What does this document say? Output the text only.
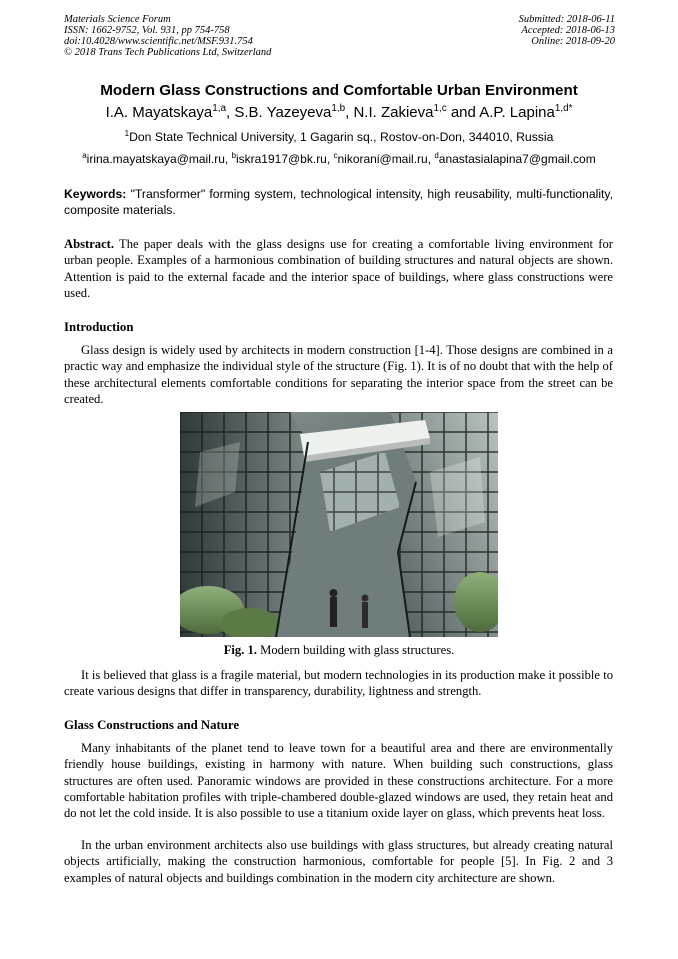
Materials Science Forum
ISSN: 1662-9752, Vol. 931, pp 754-758
doi:10.4028/www.scientific.net/MSF.931.754
© 2018 Trans Tech Publications Ltd, Switzerland
Submitted: 2018-06-11
Accepted: 2018-06-13
Online: 2018-09-20
Modern Glass Constructions and Comfortable Urban Environment
I.A. Mayatskaya$^{1,a}$, S.B. Yazeyeva$^{1,b}$, N.I. Zakieva$^{1,c}$ and A.P. Lapina$^{1,d*}$
$^1$Don State Technical University, 1 Gagarin sq., Rostov-on-Don, 344010, Russia
$^a$irina.mayatskaya@mail.ru, $^b$iskra1917@bk.ru, $^c$nikorani@mail.ru, $^d$anastasialapina7@gmail.com
Keywords: "Transformer" forming system, technological intensity, high reusability, multi-functionality, composite materials.
Abstract. The paper deals with the glass designs use for creating a comfortable living environment for urban people. Examples of a harmonious combination of building structures and natural objects are shown. Attention is paid to the external facade and the interior space of buildings, where glass constructions were used.
Introduction
Glass design is widely used by architects in modern construction [1-4]. Those designs are combined in a practic way and emphasize the individual style of the structure (Fig. 1). It is of no doubt that with the help of these architectural elements comfortable conditions for separating the interior space from the street can be created.
Fig. 1. Modern building with glass structures.
It is believed that glass is a fragile material, but modern technologies in its production make it possible to create various designs that differ in transparency, durability, lightness and strength.
Glass Constructions and Nature
Many inhabitants of the planet tend to leave town for a beautiful area and there are environmentally friendly house buildings, existing in harmony with nature. When building such constructions, glass structures are often used. Panoramic windows are provided in these constructions architecture. For a more comfortable habitation profiles with triple-chambered double-glazed windows are used, they retain heat and do not let the cold inside. It is also possible to use a titanium oxide layer on glass, which prevents heat loss.
In the urban environment architects also use buildings with glass structures, but already creating natural objects artificially, making the construction harmonious, comfortable for people [5]. In Fig. 2 and 3 examples of natural objects and buildings combination in the modern city architecture are shown.
